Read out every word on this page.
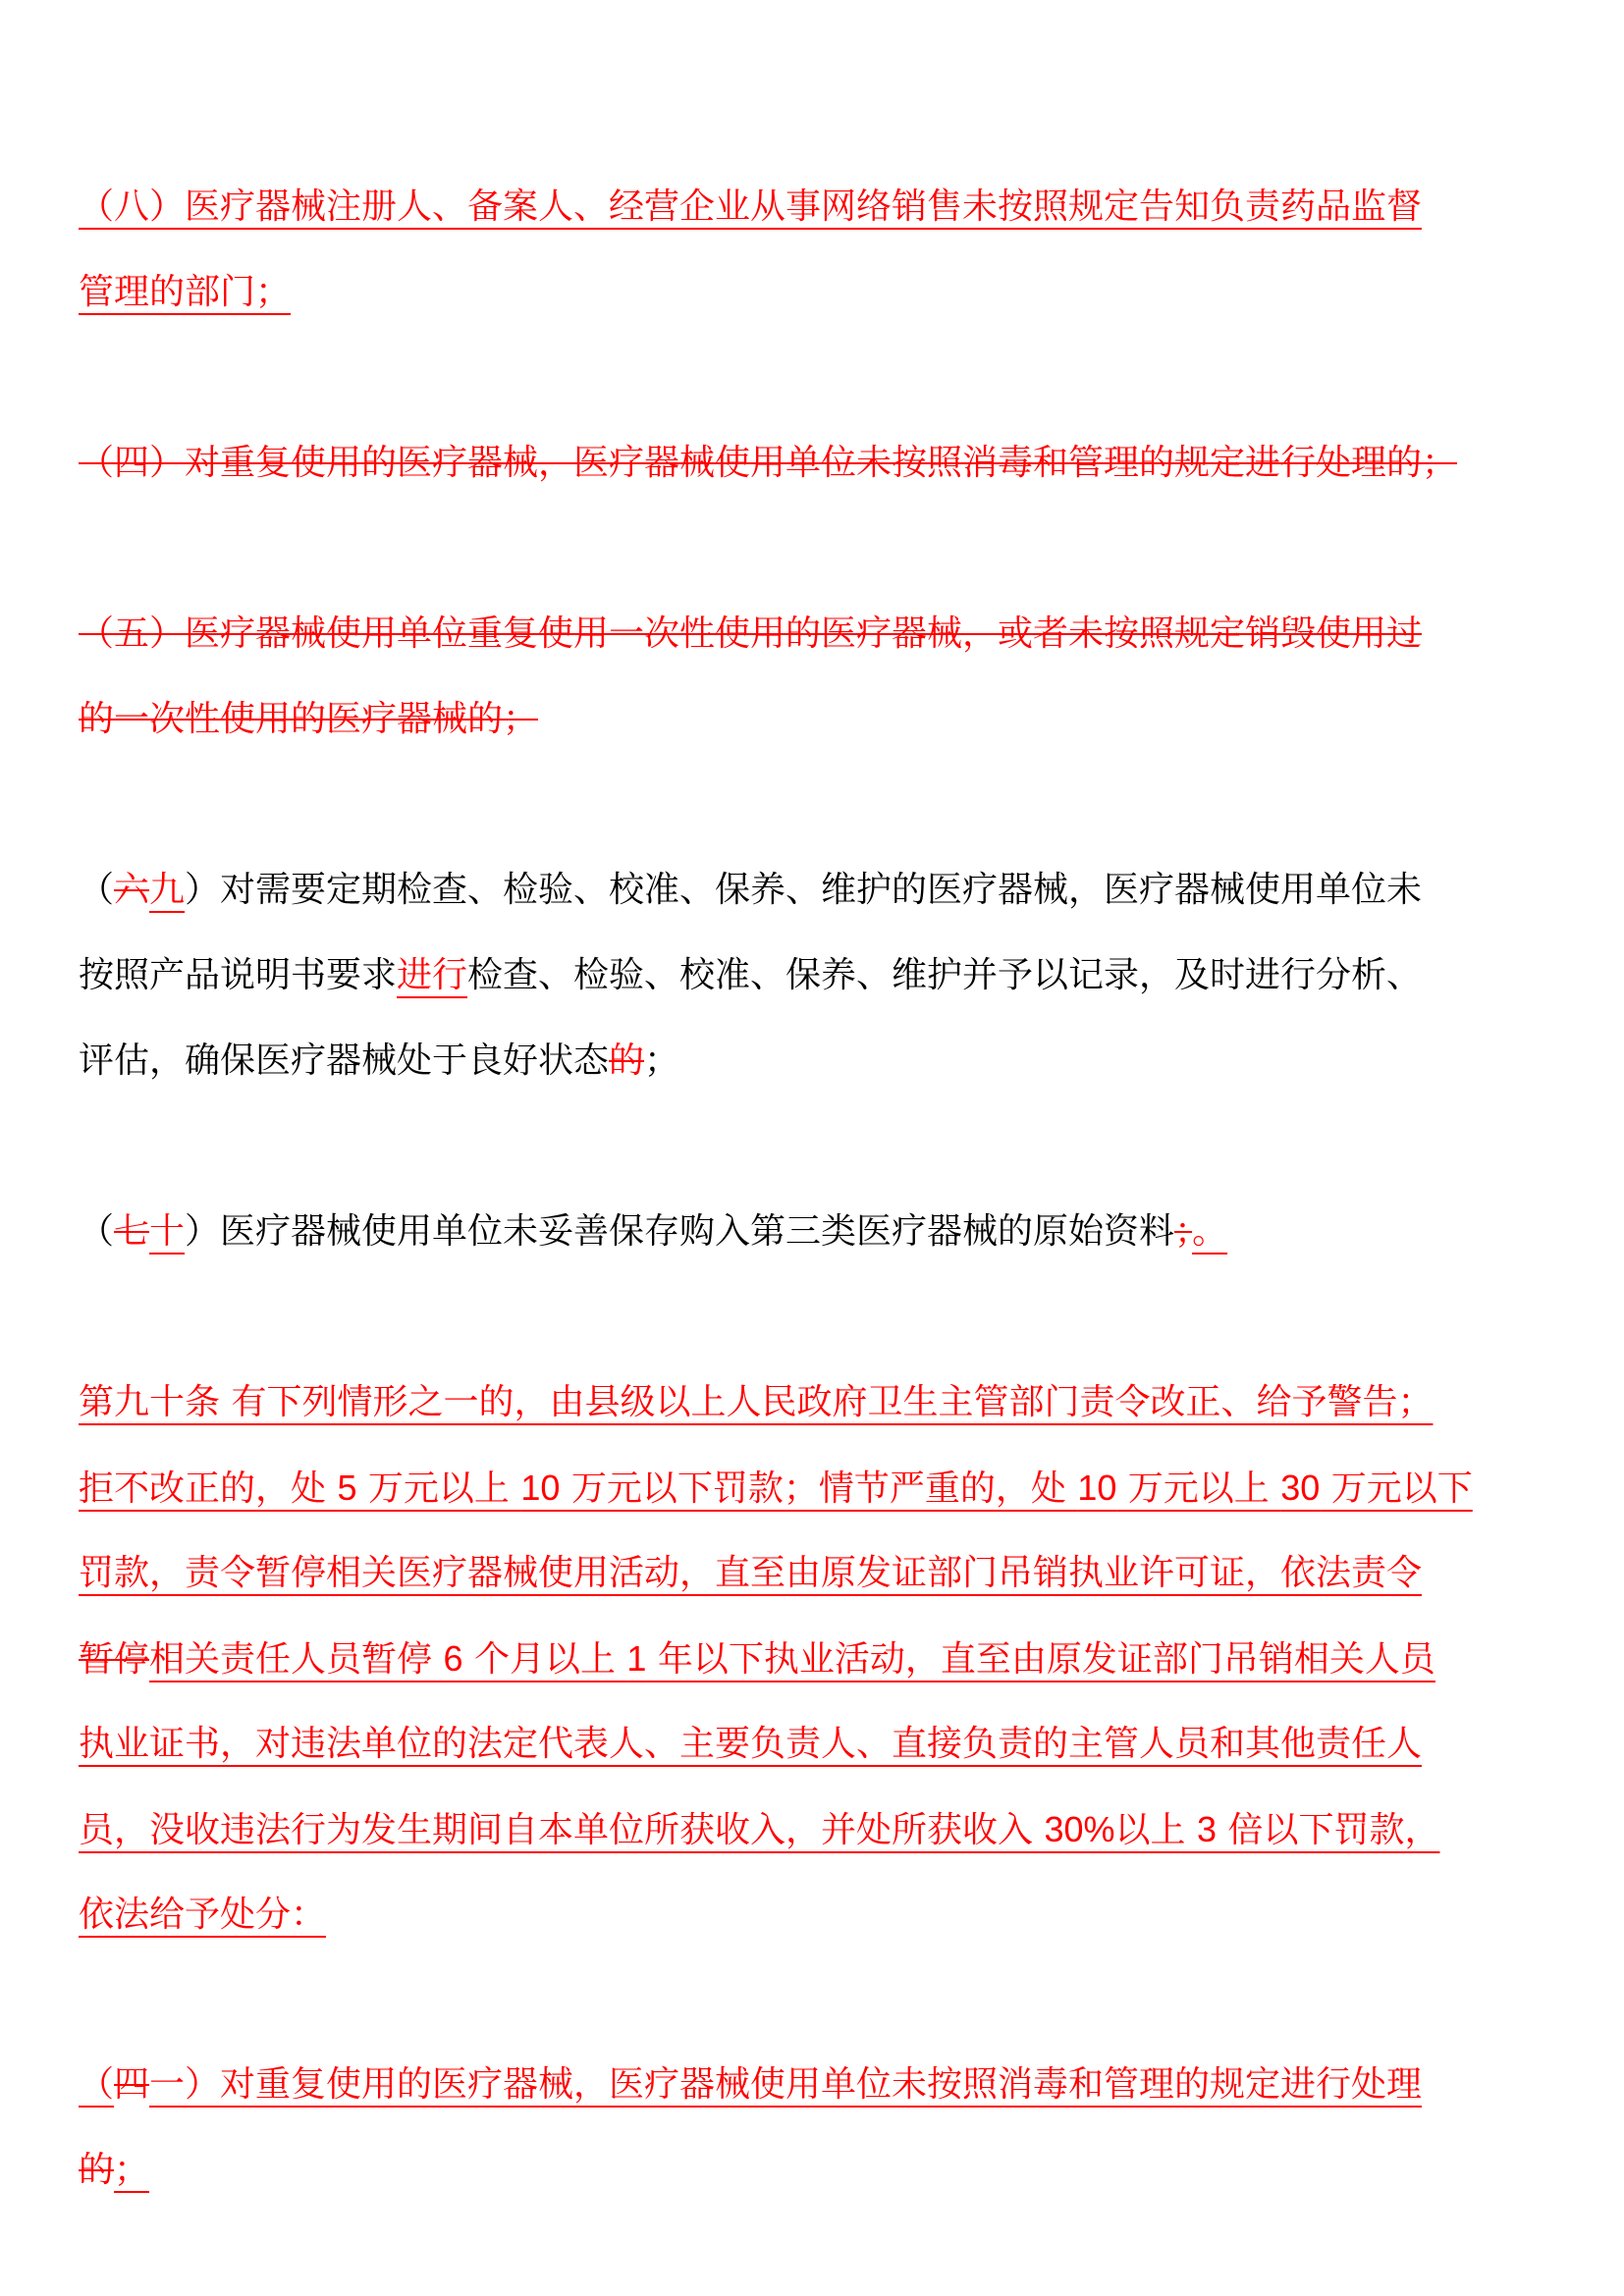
（八）医疗器械注册人、备案人、经营企业从事网络销售未按照规定告知负责药品监督
管理的部门；
（四）对重复使用的医疗器械，医疗器械使用单位未按照消毒和管理的规定进行处理的；
（五）医疗器械使用单位重复使用一次性使用的医疗器械，或者未按照规定销毁使用过
的一次性使用的医疗器械的；
（六九）对需要定期检查、检验、校准、保养、维护的医疗器械，医疗器械使用单位未
按照产品说明书要求进行检查、检验、校准、保养、维护并予以记录，及时进行分析、
评估，确保医疗器械处于良好状态的；
（七十）医疗器械使用单位未妥善保存购入第三类医疗器械的原始资料；。
第九十条 有下列情形之一的，由县级以上人民政府卫生主管部门责令改正、给予警告；
拒不改正的，处 5 万元以上 10 万元以下罚款；情节严重的，处 10 万元以上 30 万元以下
罚款，责令暂停相关医疗器械使用活动，直至由原发证部门吊销执业许可证，依法责令
暂停相关责任人员暂停 6 个月以上 1 年以下执业活动，直至由原发证部门吊销相关人员
执业证书，对违法单位的法定代表人、主要负责人、直接负责的主管人员和其他责任人
员，没收违法行为发生期间自本单位所获收入，并处所获收入 30%以上 3 倍以下罚款，
依法给予处分：
（四一）对重复使用的医疗器械，医疗器械使用单位未按照消毒和管理的规定进行处理
的；
